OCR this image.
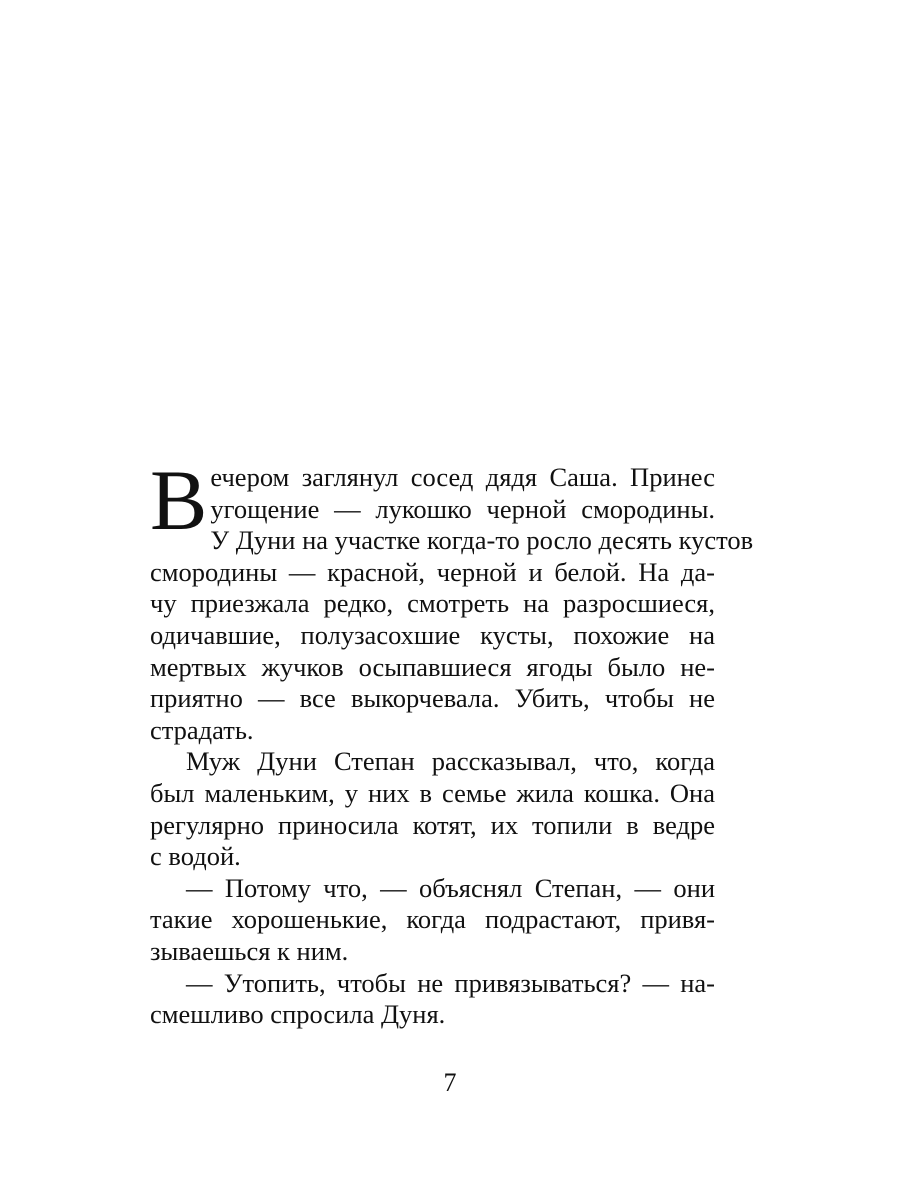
В ечером заглянул сосед дядя Саша. Принес
угощение — лукошко черной смородины.
У Дуни на участке когда-то росло десять кустов
смородины — красной, черной и белой. На да-
чу приезжала редко, смотреть на разросшиеся,
одичавшие, полузасохшие кусты, похожие на
мертвых жучков осыпавшиеся ягоды было не-
приятно — все выкорчевала. Убить, чтобы не
страдать.
Муж Дуни Степан рассказывал, что, когда
был маленьким, у них в семье жила кошка. Она
регулярно приносила котят, их топили в ведре
с водой.
— Потому что, — объяснял Степан, — они
такие хорошенькие, когда подрастают, привя-
зываешься к ним.
— Утопить, чтобы не привязываться? — на-
смешливо спросила Дуня.
7
